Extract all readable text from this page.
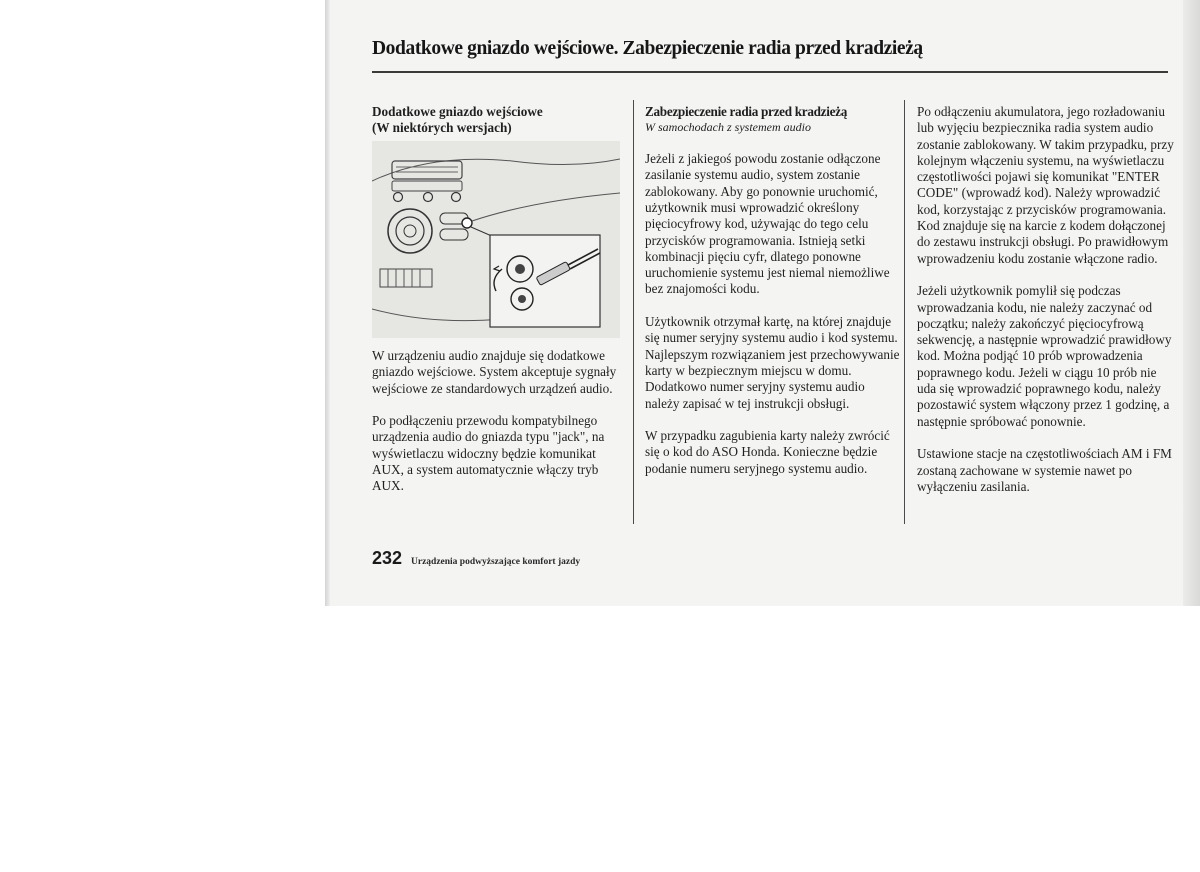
Dodatkowe gniazdo wejściowe. Zabezpieczenie radia przed kradzieżą
Dodatkowe gniazdo wejściowe
(W niektórych wersjach)

W urządzeniu audio znajduje się dodatkowe gniazdo wejściowe. System akceptuje sygnały wejściowe ze standardowych urządzeń audio.

Po podłączeniu przewodu kompatybilnego urządzenia audio do gniazda typu "jack", na wyświetlaczu widoczny będzie komunikat AUX, a system automatycznie włączy tryb AUX.

Zabezpieczenie radia przed kradzieżą

W samochodach z systemem audio

Jeżeli z jakiegoś powodu zostanie odłączone zasilanie systemu audio, system zostanie zablokowany. Aby go ponownie uruchomić, użytkownik musi wprowadzić określony pięciocyfrowy kod, używając do tego celu przycisków programowania. Istnieją setki kombinacji pięciu cyfr, dlatego ponowne uruchomienie systemu jest niemal niemożliwe bez znajomości kodu.

Użytkownik otrzymał kartę, na której znajduje się numer seryjny systemu audio i kod systemu. Najlepszym rozwiązaniem jest przechowywanie karty w bezpiecznym miejscu w domu. Dodatkowo numer seryjny systemu audio należy zapisać w tej instrukcji obsługi.

W przypadku zagubienia karty należy zwrócić się o kod do ASO Honda. Konieczne będzie podanie numeru seryjnego systemu audio.

Po odłączeniu akumulatora, jego rozładowaniu lub wyjęciu bezpiecznika radia system audio zostanie zablokowany. W takim przypadku, przy kolejnym włączeniu systemu, na wyświetlaczu częstotliwości pojawi się komunikat "ENTER CODE" (wprowadź kod). Należy wprowadzić kod, korzystając z przycisków programowania. Kod znajduje się na karcie z kodem dołączonej do zestawu instrukcji obsługi. Po prawidłowym wprowadzeniu kodu zostanie włączone radio.

Jeżeli użytkownik pomylił się podczas wprowadzania kodu, nie należy zaczynać od początku; należy zakończyć pięciocyfrową sekwencję, a następnie wprowadzić prawidłowy kod. Można podjąć 10 prób wprowadzenia poprawnego kodu. Jeżeli w ciągu 10 prób nie uda się wprowadzić poprawnego kodu, należy pozostawić system włączony przez 1 godzinę, a następnie spróbować ponownie.

Ustawione stacje na częstotliwościach AM i FM zostaną zachowane w systemie nawet po wyłączeniu zasilania.

232 Urządzenia podwyższające komfort jazdy
